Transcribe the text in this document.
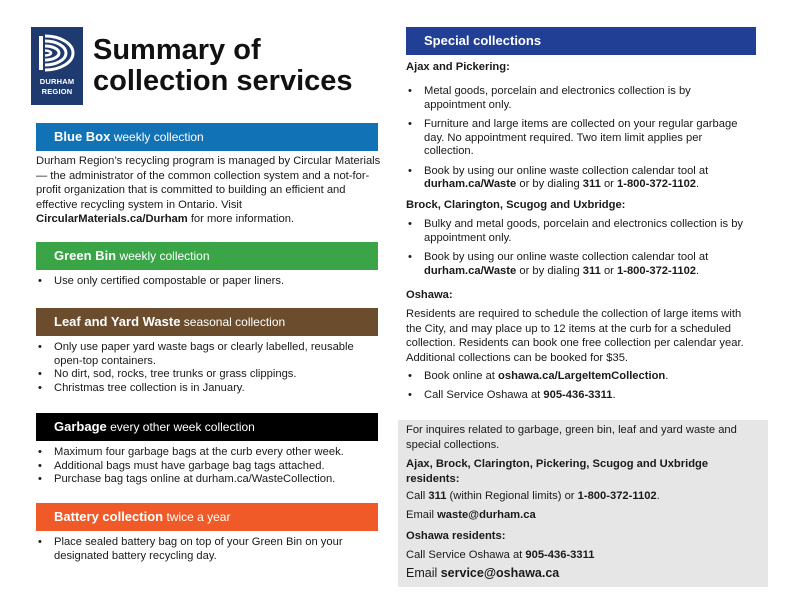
DURHAM
REGION
Summary of
collection services
Blue Box weekly collection

Durham Region’s recycling program is managed by Circular Materials — the administrator of the common collection system and a not-for-profit organization that is committed to building an efficient and effective recycling system in Ontario. Visit CircularMaterials.ca/Durham for more information.

Green Bin weekly collection
• Use only certified compostable or paper liners.
Leaf and Yard Waste seasonal collection
• Only use paper yard waste bags or clearly labelled, reusable open-top containers.
• No dirt, sod, rocks, tree trunks or grass clippings.
• Christmas tree collection is in January.
Garbage every other week collection
• Maximum four garbage bags at the curb every other week.
• Additional bags must have garbage bag tags attached.
• Purchase bag tags online at durham.ca/WasteCollection.
Battery collection twice a year
• Place sealed battery bag on top of your Green Bin on your designated battery recycling day.
Special collections
Ajax and Pickering:
• Metal goods, porcelain and electronics collection is by appointment only.
• Furniture and large items are collected on your regular garbage day. No appointment required. Two item limit applies per collection.
• Book by using our online waste collection calendar tool at durham.ca/Waste or by dialing 311 or 1-800-372-1102.
Brock, Clarington, Scugog and Uxbridge:
• Bulky and metal goods, porcelain and electronics collection is by appointment only.
• Book by using our online waste collection calendar tool at durham.ca/Waste or by dialing 311 or 1-800-372-1102.
Oshawa:

Residents are required to schedule the collection of large items with the City, and may place up to 12 items at the curb for a scheduled collection. Residents can book one free collection per calendar year. Additional collections can be booked for $35.

• Book online at oshawa.ca/LargeItemCollection.
• Call Service Oshawa at 905-436-3311.

For inquires related to garbage, green bin, leaf and yard waste and special collections.

Ajax, Brock, Clarington, Pickering, Scugog and Uxbridge residents:

Call 311 (within Regional limits) or 1-800-372-1102.

Email waste@durham.ca

Oshawa residents:

Call Service Oshawa at 905-436-3311

Email service@oshawa.ca
